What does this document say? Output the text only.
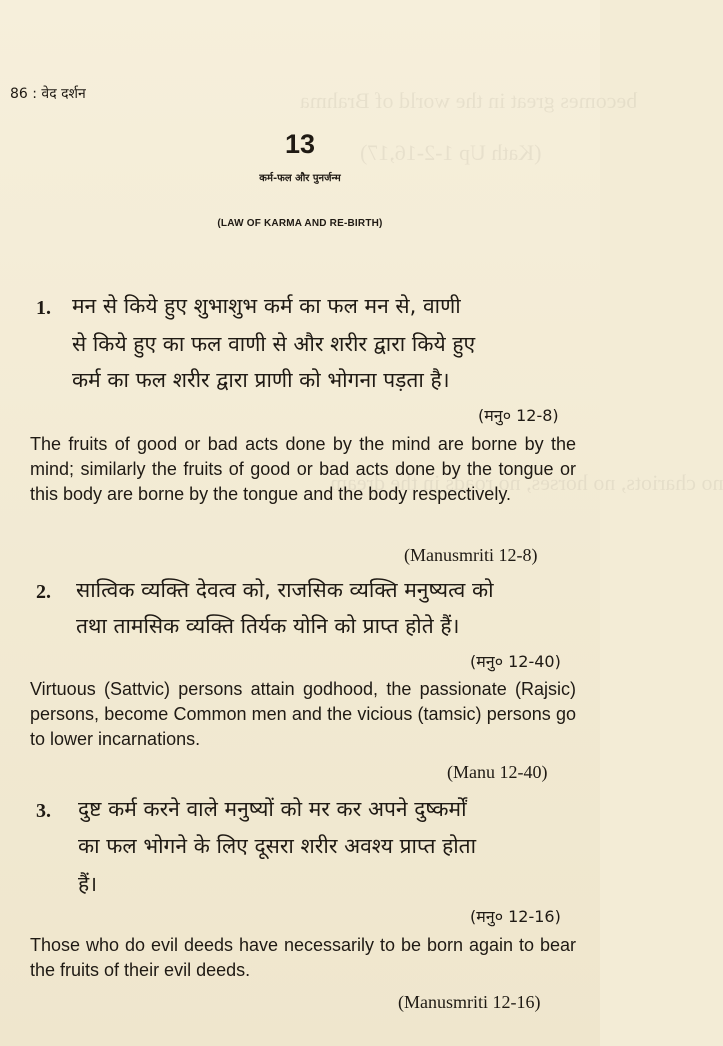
becomes great in the world of Brahma
(Kath Up 1-2-16,17)
no chariots, no horses, no roads in the dream
86 : वेद दर्शन
13
कर्म-फल और पुनर्जन्म
(LAW OF KARMA AND RE-BIRTH)
1. मन से किये हुए शुभाशुभ कर्म का फल मन से, वाणी
से किये हुए का फल वाणी से और शरीर द्वारा किये हुए
कर्म का फल शरीर द्वारा प्राणी को भोगना पड़ता है।
(मनु० 12-8)
The fruits of good or bad acts done by the mind are borne by the mind; similarly the fruits of good or bad acts done by the tongue or this body are borne by the tongue and the body respectively.
(Manusmriti 12-8)
2. सात्विक व्यक्ति देवत्व को, राजसिक व्यक्ति मनुष्यत्व को
तथा तामसिक व्यक्ति तिर्यक योनि को प्राप्त होते हैं।
(मनु० 12-40)
Virtuous (Sattvic) persons attain godhood, the passionate (Rajsic) persons, become Common men and the vicious (tamsic) persons go to lower incarnations.
(Manu 12-40)
3. दुष्ट कर्म करने वाले मनुष्यों को मर कर अपने दुष्कर्मों
का फल भोगने के लिए दूसरा शरीर अवश्य प्राप्त होता
हैं।
(मनु० 12-16)
Those who do evil deeds have necessarily to be born again to bear the fruits of their evil deeds.
(Manusmriti 12-16)
